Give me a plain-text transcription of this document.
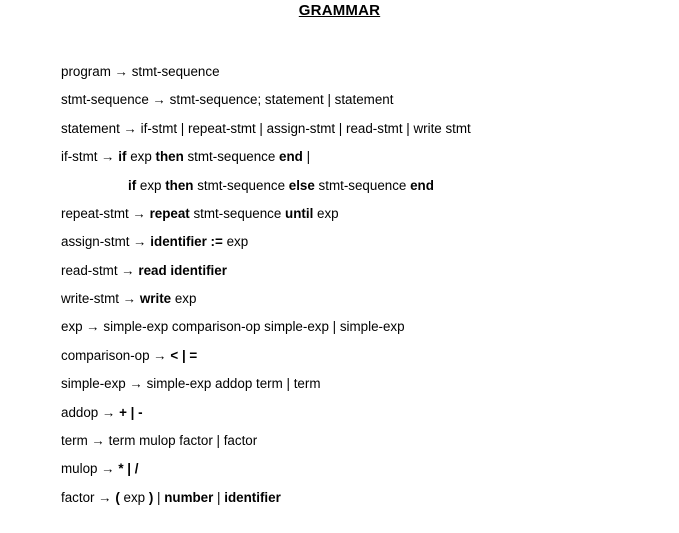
GRAMMAR
program → stmt-sequence
stmt-sequence → stmt-sequence; statement | statement
statement → if-stmt | repeat-stmt | assign-stmt | read-stmt | write stmt
if-stmt → if exp then stmt-sequence end |
if exp then stmt-sequence else stmt-sequence end
repeat-stmt → repeat stmt-sequence until exp
assign-stmt → identifier := exp
read-stmt → read identifier
write-stmt → write exp
exp → simple-exp comparison-op simple-exp | simple-exp
comparison-op → < | =
simple-exp → simple-exp addop term | term
addop → + | -
term → term mulop factor | factor
mulop → * | /
factor → ( exp ) | number | identifier
